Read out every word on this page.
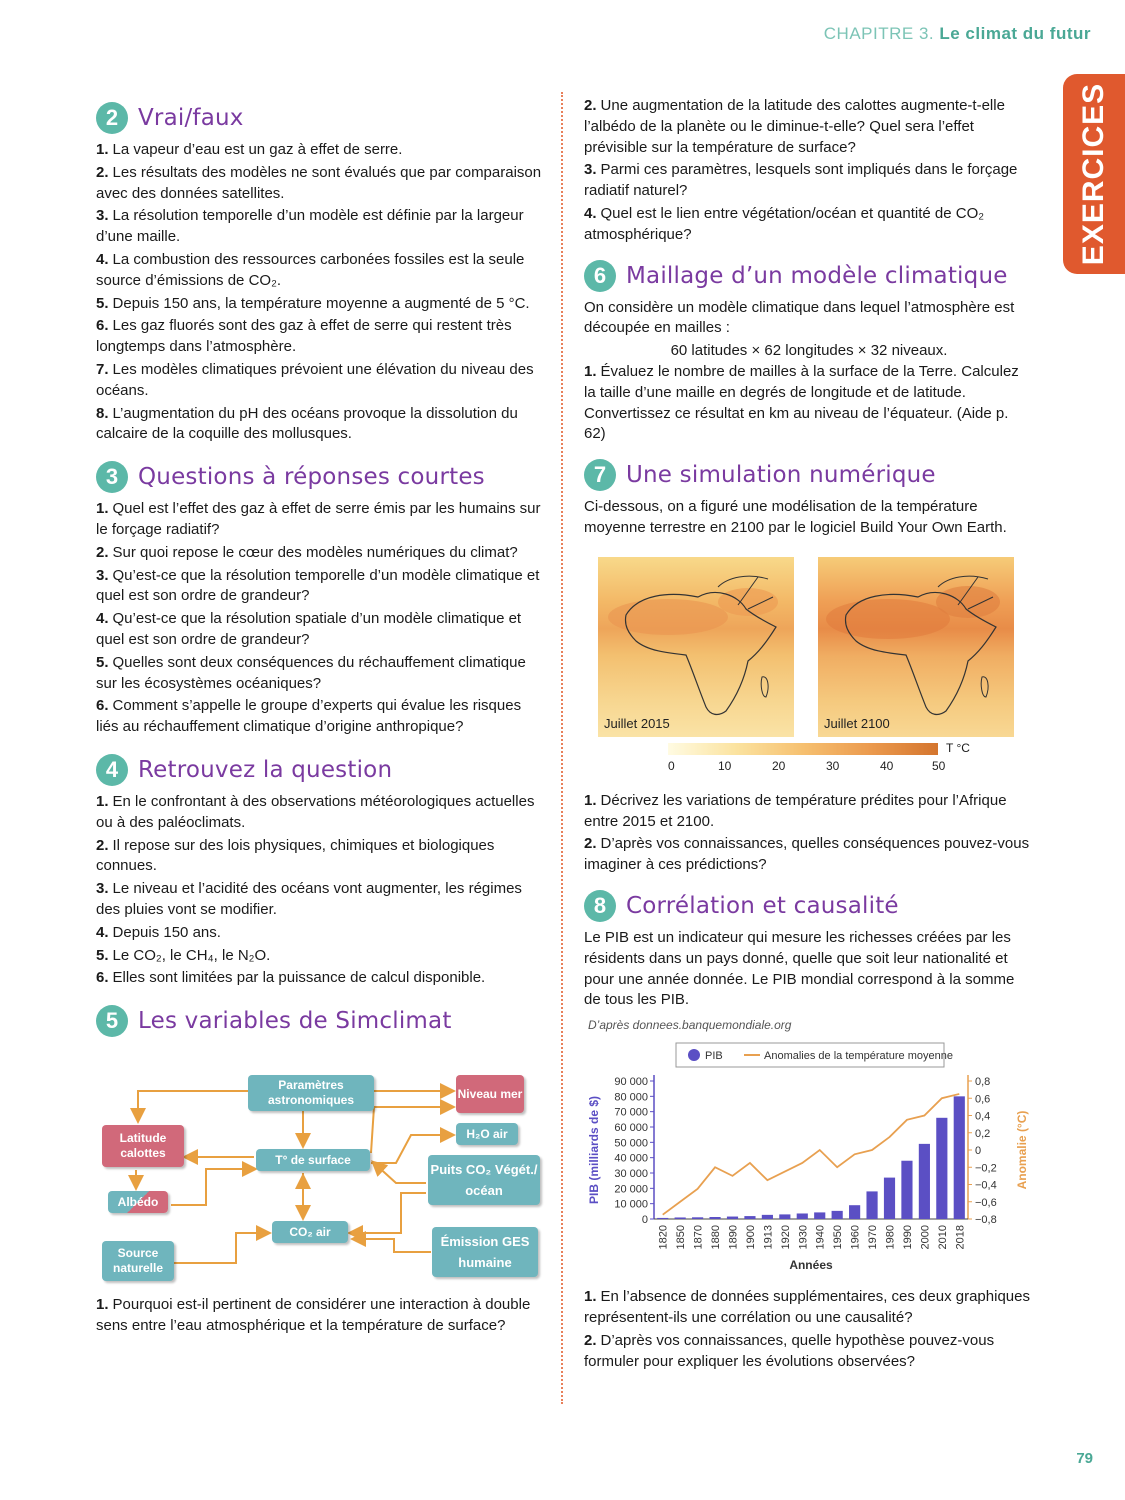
CHAPITRE 3. Le climat du futur
EXERCICES
2 Vrai/faux
1. La vapeur d’eau est un gaz à effet de serre.
2. Les résultats des modèles ne sont évalués que par comparaison avec des données satellites.
3. La résolution temporelle d’un modèle est définie par la largeur d’une maille.
4. La combustion des ressources carbonées fossiles est la seule source d’émissions de CO₂.
5. Depuis 150 ans, la température moyenne a augmenté de 5 °C.
6. Les gaz fluorés sont des gaz à effet de serre qui restent très longtemps dans l’atmosphère.
7. Les modèles climatiques prévoient une élévation du niveau des océans.
8. L’augmentation du pH des océans provoque la dissolution du calcaire de la coquille des mollusques.
3 Questions à réponses courtes
1. Quel est l’effet des gaz à effet de serre émis par les humains sur le forçage radiatif?
2. Sur quoi repose le cœur des modèles numériques du climat?
3. Qu’est-ce que la résolution temporelle d’un modèle climatique et quel est son ordre de grandeur?
4. Qu’est-ce que la résolution spatiale d’un modèle climatique et quel est son ordre de grandeur?
5. Quelles sont deux conséquences du réchauffement climatique sur les écosystèmes océaniques?
6. Comment s’appelle le groupe d’experts qui évalue les risques liés au réchauffement climatique d’origine anthropique?
4 Retrouvez la question
1. En le confrontant à des observations météorologiques actuelles ou à des paléoclimats.
2. Il repose sur des lois physiques, chimiques et biologiques connues.
3. Le niveau et l’acidité des océans vont augmenter, les régimes des pluies vont se modifier.
4. Depuis 150 ans.
5. Le CO₂, le CH₄, le N₂O.
6. Elles sont limitées par la puissance de calcul disponible.
5 Les variables de Simclimat
Paramètres astronomiques	Niveau mer
H₂O air
Latitude calottes	T° de surface
Puits CO₂ Végét./ océan
Albédo
CO₂ air
Source naturelle
Émission GES humaine
1. Pourquoi est-il pertinent de considérer une interaction à double sens entre l’eau atmosphérique et la température de surface?
2. Une augmentation de la latitude des calottes augmente-t-elle l’albédo de la planète ou le diminue-t-elle? Quel sera l’effet prévisible sur la température de surface?
3. Parmi ces paramètres, lesquels sont impliqués dans le forçage radiatif naturel?
4. Quel est le lien entre végétation/océan et quantité de CO₂ atmosphérique?
6 Maillage d’un modèle climatique
On considère un modèle climatique dans lequel l’atmosphère est découpée en mailles :
60 latitudes × 62 longitudes × 32 niveaux.
1. Évaluez le nombre de mailles à la surface de la Terre. Calculez la taille d’une maille en degrés de longitude et de latitude. Convertissez ce résultat en km au niveau de l’équateur. (Aide p. 62)
7 Une simulation numérique
Ci-dessous, on a figuré une modélisation de la température moyenne terrestre en 2100 par le logiciel Build Your Own Earth.
Juillet 2015	Juillet 2100
T °C
0	10	20	30	40	50
1. Décrivez les variations de température prédites pour l’Afrique entre 2015 et 2100.
2. D’après vos connaissances, quelles conséquences pouvez-vous imaginer à ces prédictions?
8 Corrélation et causalité
Le PIB est un indicateur qui mesure les richesses créées par les résidents dans un pays donné, quelle que soit leur nationalité et pour une année donnée. Le PIB mondial correspond à la somme de tous les PIB.
D’après donnees.banquemondiale.org
PIB	Anomalies de la température moyenne
0
10 000
20 000
30 000
40 000
50 000
60 000
70 000
80 000
90 000
−0,8
−0,6
−0,4
−0,2
0
0,2
0,4
0,6
0,8
1820 1850 1870 1880 1890 1900 1913 1920 1930 1940 1950 1960 1970 1980 1990 2000 2010 2018
Années
PIB (milliards de $)	Anomalie (°C)
1. En l’absence de données supplémentaires, ces deux graphiques représentent-ils une corrélation ou une causalité?
2. D’après vos connaissances, quelle hypothèse pouvez-vous formuler pour expliquer les évolutions observées?
79
